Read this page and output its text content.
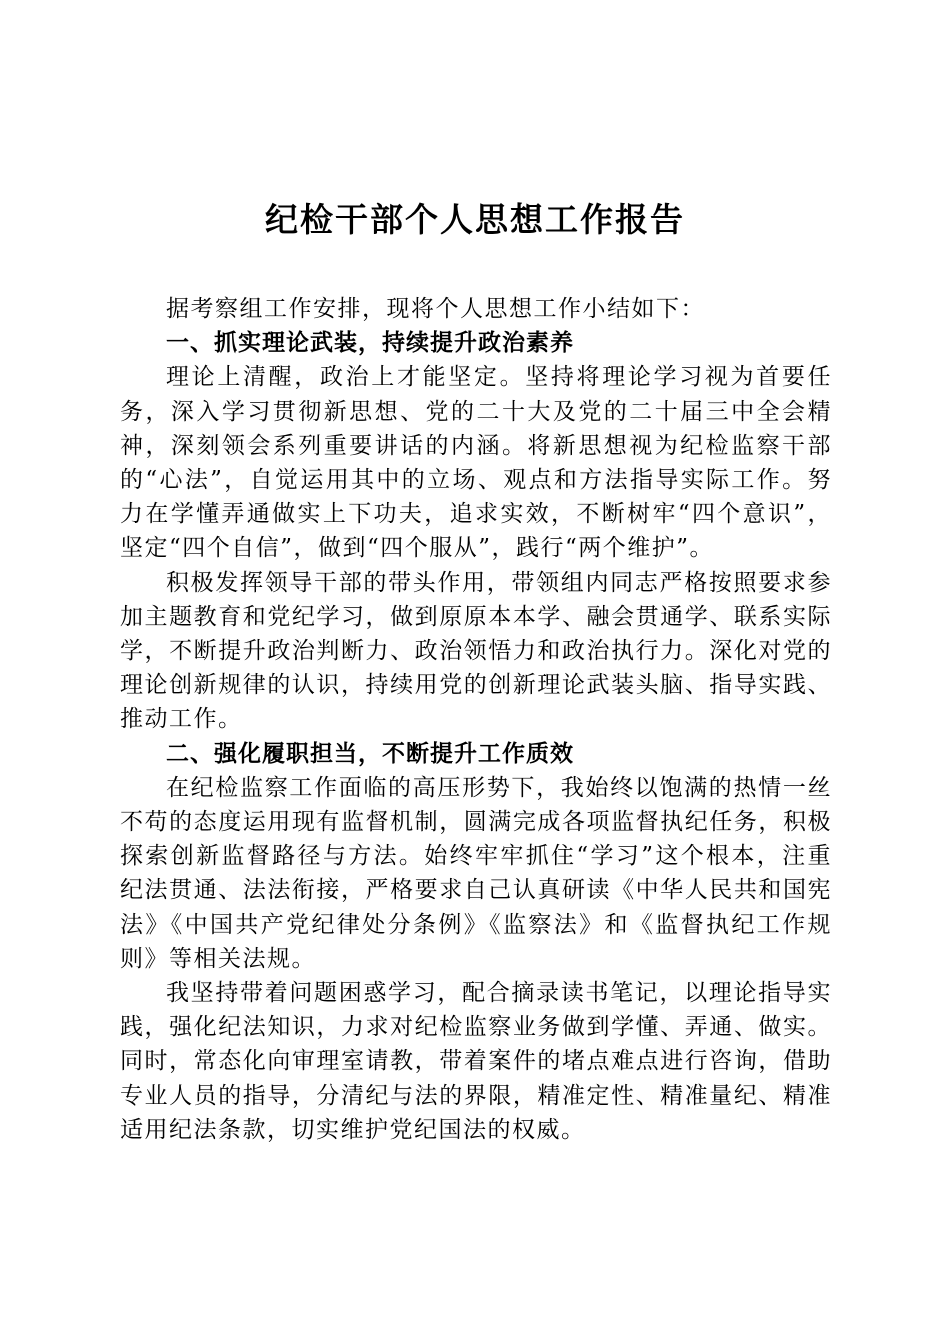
纪检干部个人思想工作报告

据考察组工作安排，现将个人思想工作小结如下：

一、抓实理论武装，持续提升政治素养

理论上清醒，政治上才能坚定。坚持将理论学习视为首要任务，深入学习贯彻新思想、党的二十大及党的二十届三中全会精神，深刻领会系列重要讲话的内涵。将新思想视为纪检监察干部的“心法”，自觉运用其中的立场、观点和方法指导实际工作。努力在学懂弄通做实上下功夫，追求实效，不断树牢“四个意识”，坚定“四个自信”，做到“四个服从”，践行“两个维护”。

积极发挥领导干部的带头作用，带领组内同志严格按照要求参加主题教育和党纪学习，做到原原本本学、融会贯通学、联系实际学，不断提升政治判断力、政治领悟力和政治执行力。深化对党的理论创新规律的认识，持续用党的创新理论武装头脑、指导实践、推动工作。

二、强化履职担当，不断提升工作质效

在纪检监察工作面临的高压形势下，我始终以饱满的热情一丝不苟的态度运用现有监督机制，圆满完成各项监督执纪任务，积极探索创新监督路径与方法。始终牢牢抓住“学习”这个根本，注重纪法贯通、法法衔接，严格要求自己认真研读《中华人民共和国宪法》《中国共产党纪律处分条例》《监察法》和《监督执纪工作规则》等相关法规。

我坚持带着问题困惑学习，配合摘录读书笔记，以理论指导实践，强化纪法知识，力求对纪检监察业务做到学懂、弄通、做实。同时，常态化向审理室请教，带着案件的堵点难点进行咨询，借助专业人员的指导，分清纪与法的界限，精准定性、精准量纪、精准适用纪法条款，切实维护党纪国法的权威。
